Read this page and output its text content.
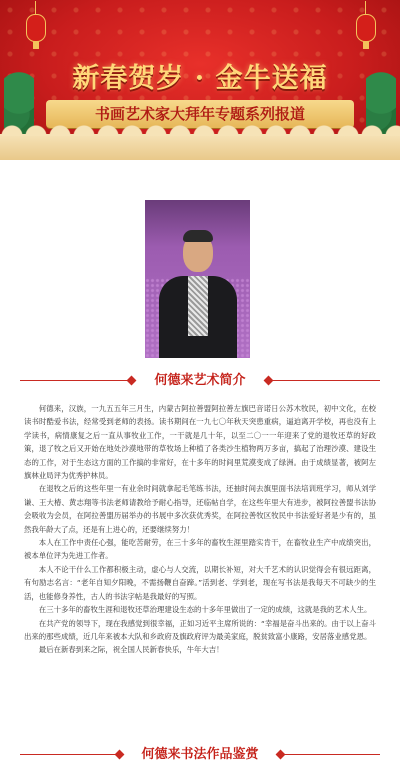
新春贺岁 · 金牛送福
书画艺术家大拜年专题系列报道
何德来艺术简介

何德来，汉族，一九五五年三月生，内蒙古阿拉善盟阿拉善左旗巴音诺日公苏木牧民，初中文化，在校读书时酷爱书法，经常受到老师的表扬。读书期间在一九七〇年秋天突患重病，逼迫离开学校，再也没有上学读书，病情康复之后一直从事牧业工作，一干就是几十年，以至二〇一一年迎来了党的退牧还草的好政策，退了牧之后又开始在地处沙漠地带的草牧场上种植了各类沙生植物两万多亩，搞起了治理沙漠、建设生态的工作，对于生态这方面的工作搞的非常好，在十多年的时间里荒漠变成了绿洲。由于成绩显著，被阿左旗林业局评为优秀护林员。

在退牧之后的这些年里一有业余时间就拿起毛笔练书法，还抽时间去旗里面书法培训班学习，师从刘学谦、王大椿、黄志翔等书法老师请教给予耐心指导，还临帖自学，在这些年里大有进步，被阿拉善盟书法协会吸收为会员，在阿拉善盟历届举办的书展中多次获优秀奖，在阿拉善牧区牧民中书法爱好者是少有的，虽然我年龄大了点，还是有上进心的，还要继续努力！

本人在工作中责任心强，能吃苦耐劳，在三十多年的畜牧生涯里踏实肯干，在畜牧业生产中成绩突出，被本单位评为先进工作者。

本人不论干什么工作都积极主动，虚心与人交流，以期长补短，对大千艺术的认识觉得会有很远距离，有句励志名言：“老年自知夕阳晚，不需扬鞭自奋蹄。”活到老、学到老，现在写书法是我每天不可缺少的生活，也能修身养性，古人的书法字帖是我最好的写照。

在三十多年的畜牧生涯和退牧还草治理建设生态的十多年里做出了一定的成绩，这就是我的艺术人生。

在共产党的领导下，现在我感觉到很幸福，正如习近平主席所说的：“幸福是奋斗出来的。由于以上奋斗出来的那些成绩，近几年来被本大队和乡政府及旗政府评为最美家庭，脱贫致富小康路，安居落业感党恩。

最后在新春到来之际，祝全国人民新春快乐，牛年大吉！

何德来书法作品鉴赏
